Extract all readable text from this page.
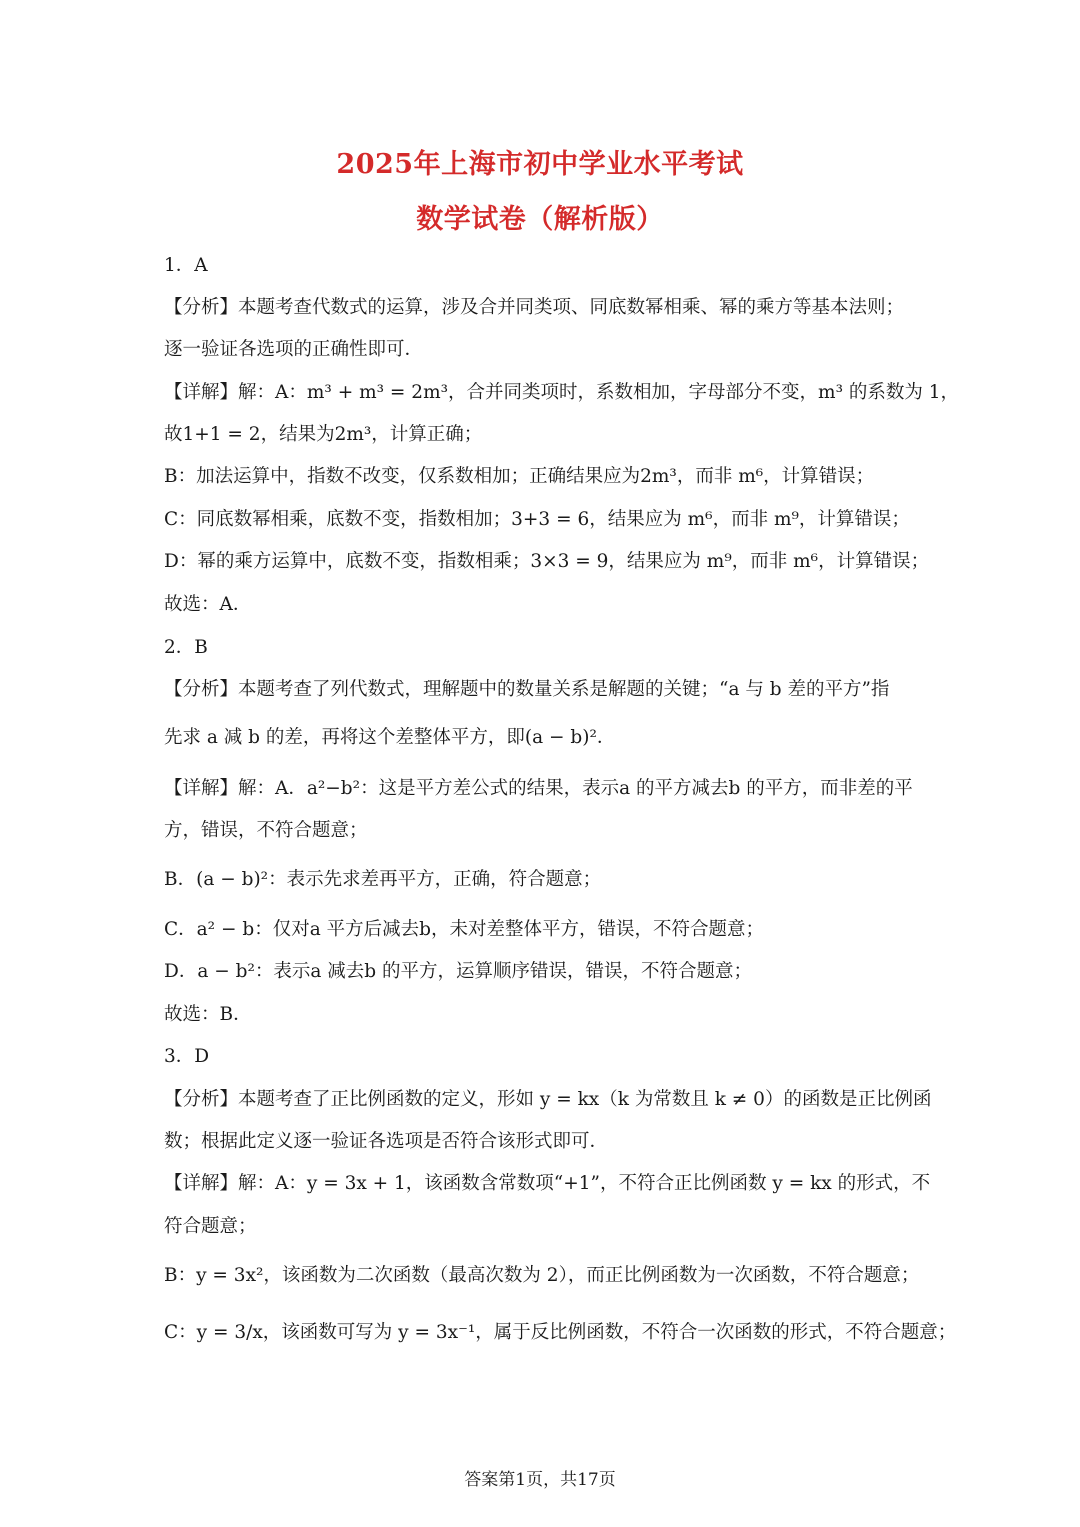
2025年上海市初中学业水平考试
数学试卷（解析版）
1．A
【分析】本题考查代数式的运算，涉及合并同类项、同底数幂相乘、幂的乘方等基本法则；
逐一验证各选项的正确性即可．
【详解】解：A：m³ + m³ = 2m³，合并同类项时，系数相加，字母部分不变，m³ 的系数为 1，
故1+1 = 2，结果为2m³，计算正确；
B：加法运算中，指数不改变，仅系数相加；正确结果应为2m³，而非 m⁶，计算错误；
C：同底数幂相乘，底数不变，指数相加；3+3 = 6，结果应为 m⁶，而非 m⁹，计算错误；
D：幂的乘方运算中，底数不变，指数相乘；3×3 = 9，结果应为 m⁹，而非 m⁶，计算错误；
故选：A．
2．B
【分析】本题考查了列代数式，理解题中的数量关系是解题的关键；“a 与 b 差的平方”指
先求 a 减 b 的差，再将这个差整体平方，即(a − b)²．
【详解】解：A．a²−b²：这是平方差公式的结果，表示a 的平方减去b 的平方，而非差的平
方，错误，不符合题意；
B．(a − b)²：表示先求差再平方，正确，符合题意；
C．a² − b：仅对a 平方后减去b，未对差整体平方，错误，不符合题意；
D．a − b²：表示a 减去b 的平方，运算顺序错误，错误，不符合题意；
故选：B．
3．D
【分析】本题考查了正比例函数的定义，形如 y = kx（k 为常数且 k ≠ 0）的函数是正比例函
数；根据此定义逐一验证各选项是否符合该形式即可．
【详解】解：A：y = 3x + 1，该函数含常数项“+1”，不符合正比例函数 y = kx 的形式，不
符合题意；
B：y = 3x²，该函数为二次函数（最高次数为 2），而正比例函数为一次函数，不符合题意；
C：y = 3/x，该函数可写为 y = 3x⁻¹，属于反比例函数，不符合一次函数的形式，不符合题意；
答案第1页，共17页
